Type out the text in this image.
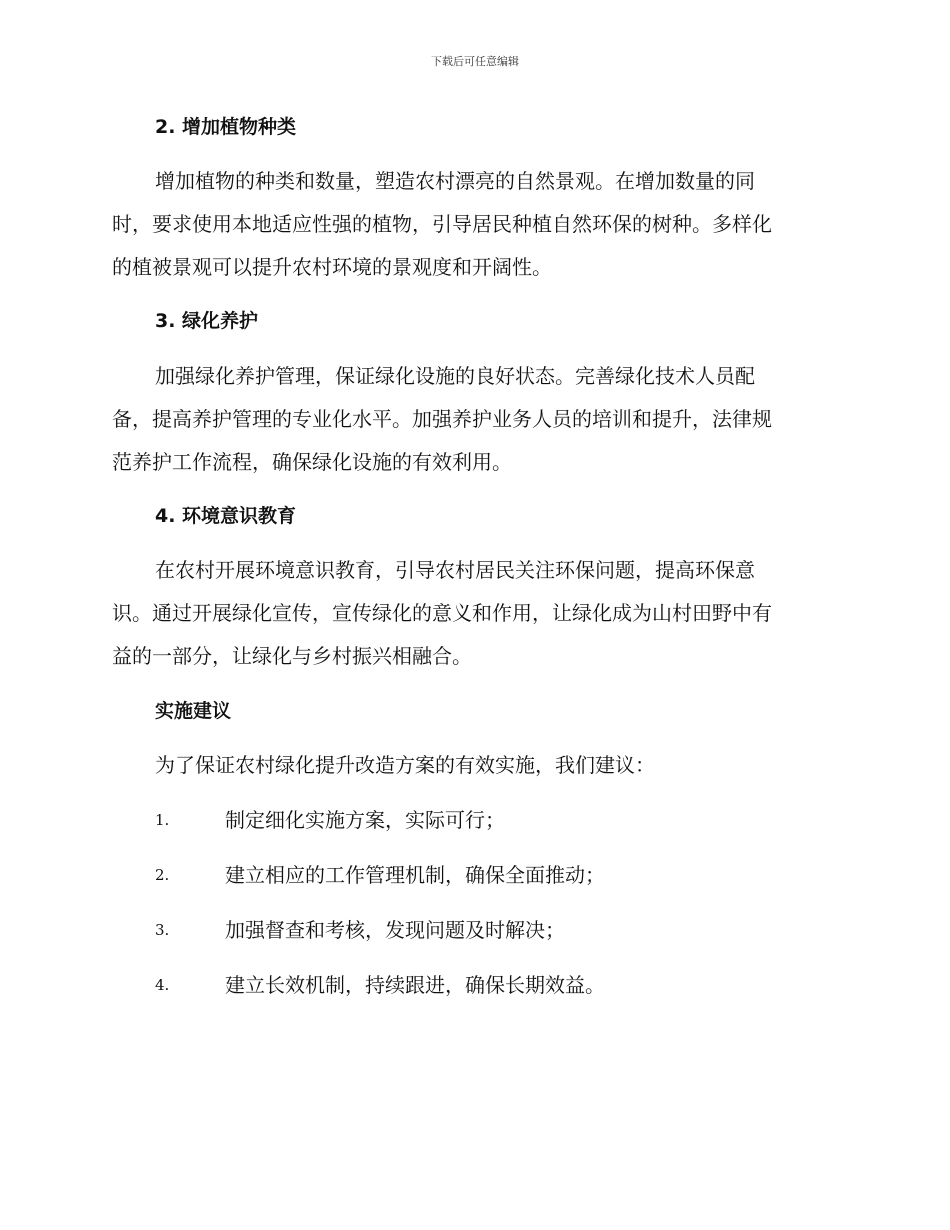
下载后可任意编辑
2. 增加植物种类
增加植物的种类和数量，塑造农村漂亮的自然景观。在增加数量的同
时，要求使用本地适应性强的植物，引导居民种植自然环保的树种。多样化
的植被景观可以提升农村环境的景观度和开阔性。
3. 绿化养护
加强绿化养护管理，保证绿化设施的良好状态。完善绿化技术人员配
备，提高养护管理的专业化水平。加强养护业务人员的培训和提升，法律规
范养护工作流程，确保绿化设施的有效利用。
4. 环境意识教育
在农村开展环境意识教育，引导农村居民关注环保问题，提高环保意
识。通过开展绿化宣传，宣传绿化的意义和作用，让绿化成为山村田野中有
益的一部分，让绿化与乡村振兴相融合。
实施建议
为了保证农村绿化提升改造方案的有效实施，我们建议：
1.	制定细化实施方案，实际可行；
2.	建立相应的工作管理机制，确保全面推动；
3.	加强督查和考核，发现问题及时解决；
4.	建立长效机制，持续跟进，确保长期效益。
